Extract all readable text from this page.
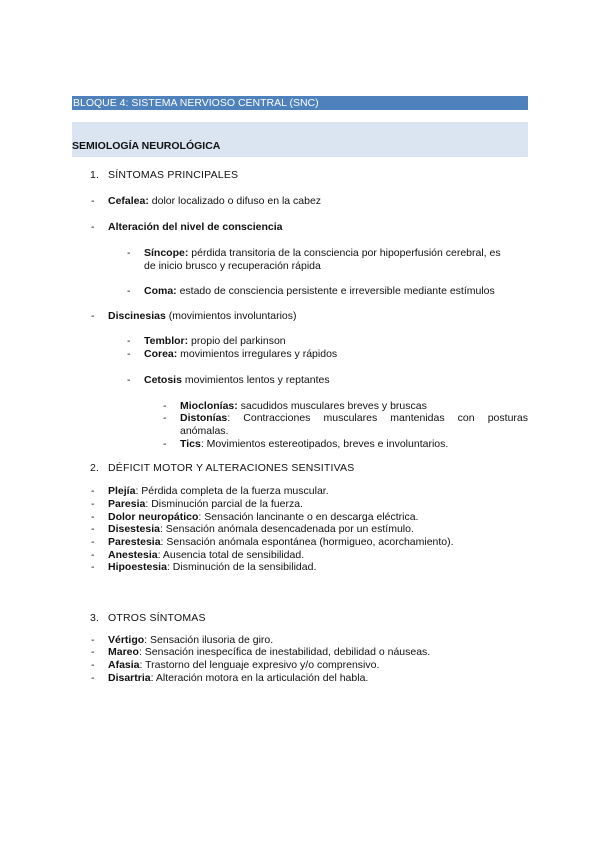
BLOQUE 4: SISTEMA NERVIOSO CENTRAL (SNC)
SEMIOLOGÍA NEUROLÓGICA
1. SÍNTOMAS PRINCIPALES
- Cefalea: dolor localizado o difuso en la cabez
- Alteración del nivel de consciencia
- Síncope: pérdida transitoria de la consciencia por hipoperfusión cerebral, es
de inicio brusco y recuperación rápida
- Coma: estado de consciencia persistente e irreversible mediante estímulos
- Discinesias (movimientos involuntarios)
- Temblor: propio del parkinson
- Corea: movimientos irregulares y rápidos
- Cetosis movimientos lentos y reptantes
- Mioclonías: sacudidos musculares breves y bruscas
- Distonías: Contracciones musculares mantenidas con posturas
anómalas.
- Tics: Movimientos estereotipados, breves e involuntarios.
2. DÉFICIT MOTOR Y ALTERACIONES SENSITIVAS
- Plejía: Pérdida completa de la fuerza muscular.
- Paresia: Disminución parcial de la fuerza.
- Dolor neuropático: Sensación lancinante o en descarga eléctrica.
- Disestesia: Sensación anómala desencadenada por un estímulo.
- Parestesia: Sensación anómala espontánea (hormigueo, acorchamiento).
- Anestesia: Ausencia total de sensibilidad.
- Hipoestesia: Disminución de la sensibilidad.
3. OTROS SÍNTOMAS
- Vértigo: Sensación ilusoria de giro.
- Mareo: Sensación inespecífica de inestabilidad, debilidad o náuseas.
- Afasia: Trastorno del lenguaje expresivo y/o comprensivo.
- Disartria: Alteración motora en la articulación del habla.
